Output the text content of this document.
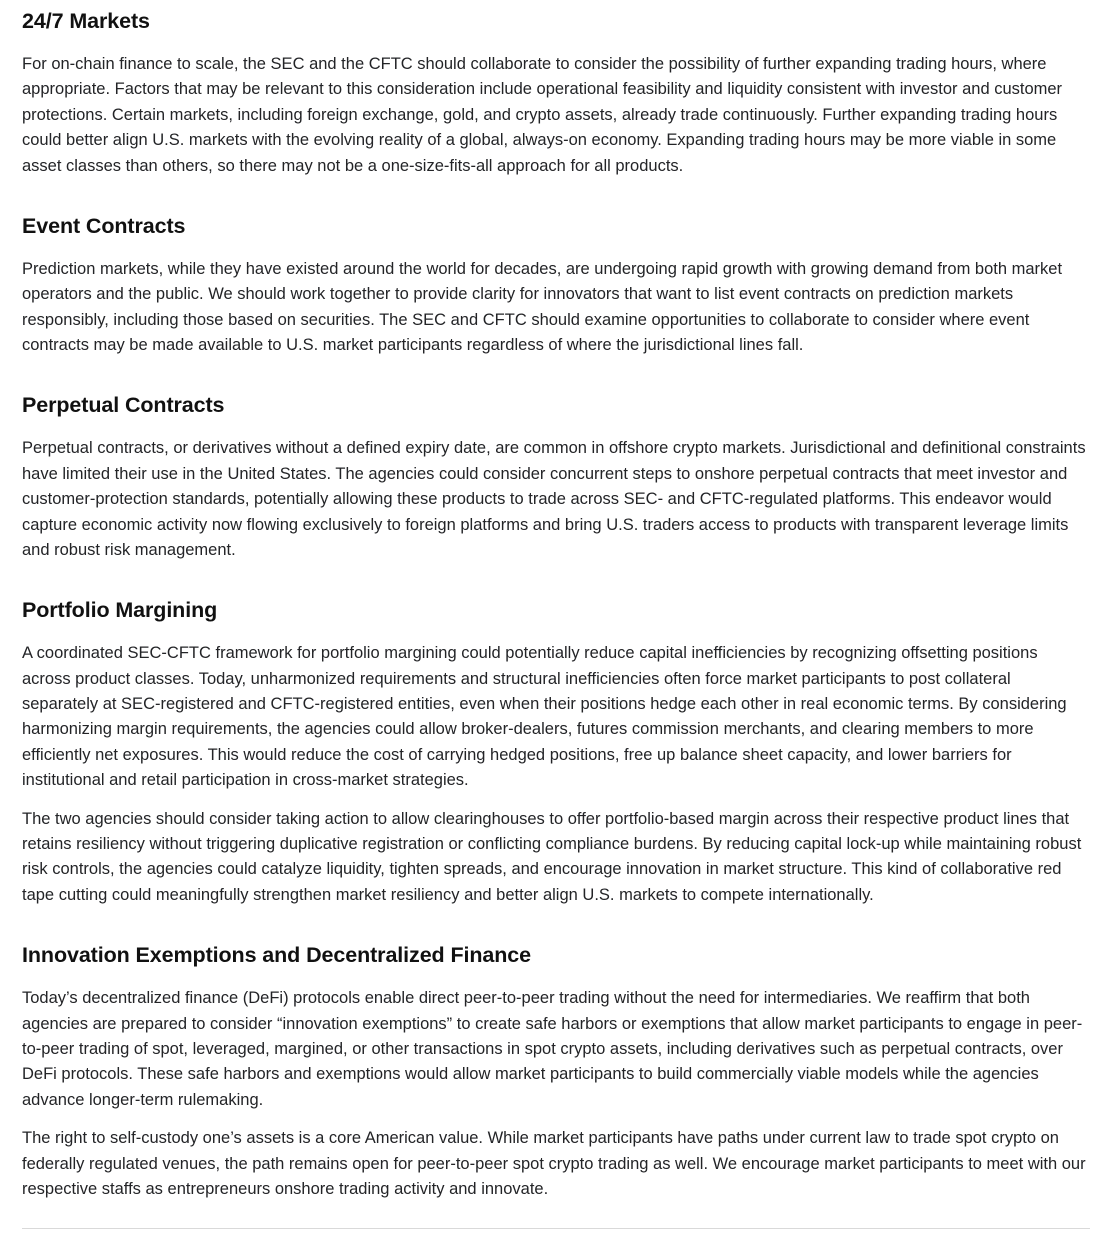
24/7 Markets

For on-chain finance to scale, the SEC and the CFTC should collaborate to consider the possibility of further expanding trading hours, where appropriate. Factors that may be relevant to this consideration include operational feasibility and liquidity consistent with investor and customer protections. Certain markets, including foreign exchange, gold, and crypto assets, already trade continuously. Further expanding trading hours could better align U.S. markets with the evolving reality of a global, always-on economy. Expanding trading hours may be more viable in some asset classes than others, so there may not be a one-size-fits-all approach for all products.

Event Contracts

Prediction markets, while they have existed around the world for decades, are undergoing rapid growth with growing demand from both market operators and the public. We should work together to provide clarity for innovators that want to list event contracts on prediction markets responsibly, including those based on securities. The SEC and CFTC should examine opportunities to collaborate to consider where event contracts may be made available to U.S. market participants regardless of where the jurisdictional lines fall.

Perpetual Contracts

Perpetual contracts, or derivatives without a defined expiry date, are common in offshore crypto markets. Jurisdictional and definitional constraints have limited their use in the United States. The agencies could consider concurrent steps to onshore perpetual contracts that meet investor and customer-protection standards, potentially allowing these products to trade across SEC- and CFTC-regulated platforms. This endeavor would capture economic activity now flowing exclusively to foreign platforms and bring U.S. traders access to products with transparent leverage limits and robust risk management.

Portfolio Margining

A coordinated SEC-CFTC framework for portfolio margining could potentially reduce capital inefficiencies by recognizing offsetting positions across product classes. Today, unharmonized requirements and structural inefficiencies often force market participants to post collateral separately at SEC-registered and CFTC-registered entities, even when their positions hedge each other in real economic terms. By considering harmonizing margin requirements, the agencies could allow broker-dealers, futures commission merchants, and clearing members to more efficiently net exposures. This would reduce the cost of carrying hedged positions, free up balance sheet capacity, and lower barriers for institutional and retail participation in cross-market strategies.

The two agencies should consider taking action to allow clearinghouses to offer portfolio-based margin across their respective product lines that retains resiliency without triggering duplicative registration or conflicting compliance burdens. By reducing capital lock-up while maintaining robust risk controls, the agencies could catalyze liquidity, tighten spreads, and encourage innovation in market structure. This kind of collaborative red tape cutting could meaningfully strengthen market resiliency and better align U.S. markets to compete internationally.

Innovation Exemptions and Decentralized Finance

Today’s decentralized finance (DeFi) protocols enable direct peer-to-peer trading without the need for intermediaries. We reaffirm that both agencies are prepared to consider “innovation exemptions” to create safe harbors or exemptions that allow market participants to engage in peer-to-peer trading of spot, leveraged, margined, or other transactions in spot crypto assets, including derivatives such as perpetual contracts, over DeFi protocols. These safe harbors and exemptions would allow market participants to build commercially viable models while the agencies advance longer-term rulemaking.

The right to self-custody one’s assets is a core American value. While market participants have paths under current law to trade spot crypto on federally regulated venues, the path remains open for peer-to-peer spot crypto trading as well. We encourage market participants to meet with our respective staffs as entrepreneurs onshore trading activity and innovate.
